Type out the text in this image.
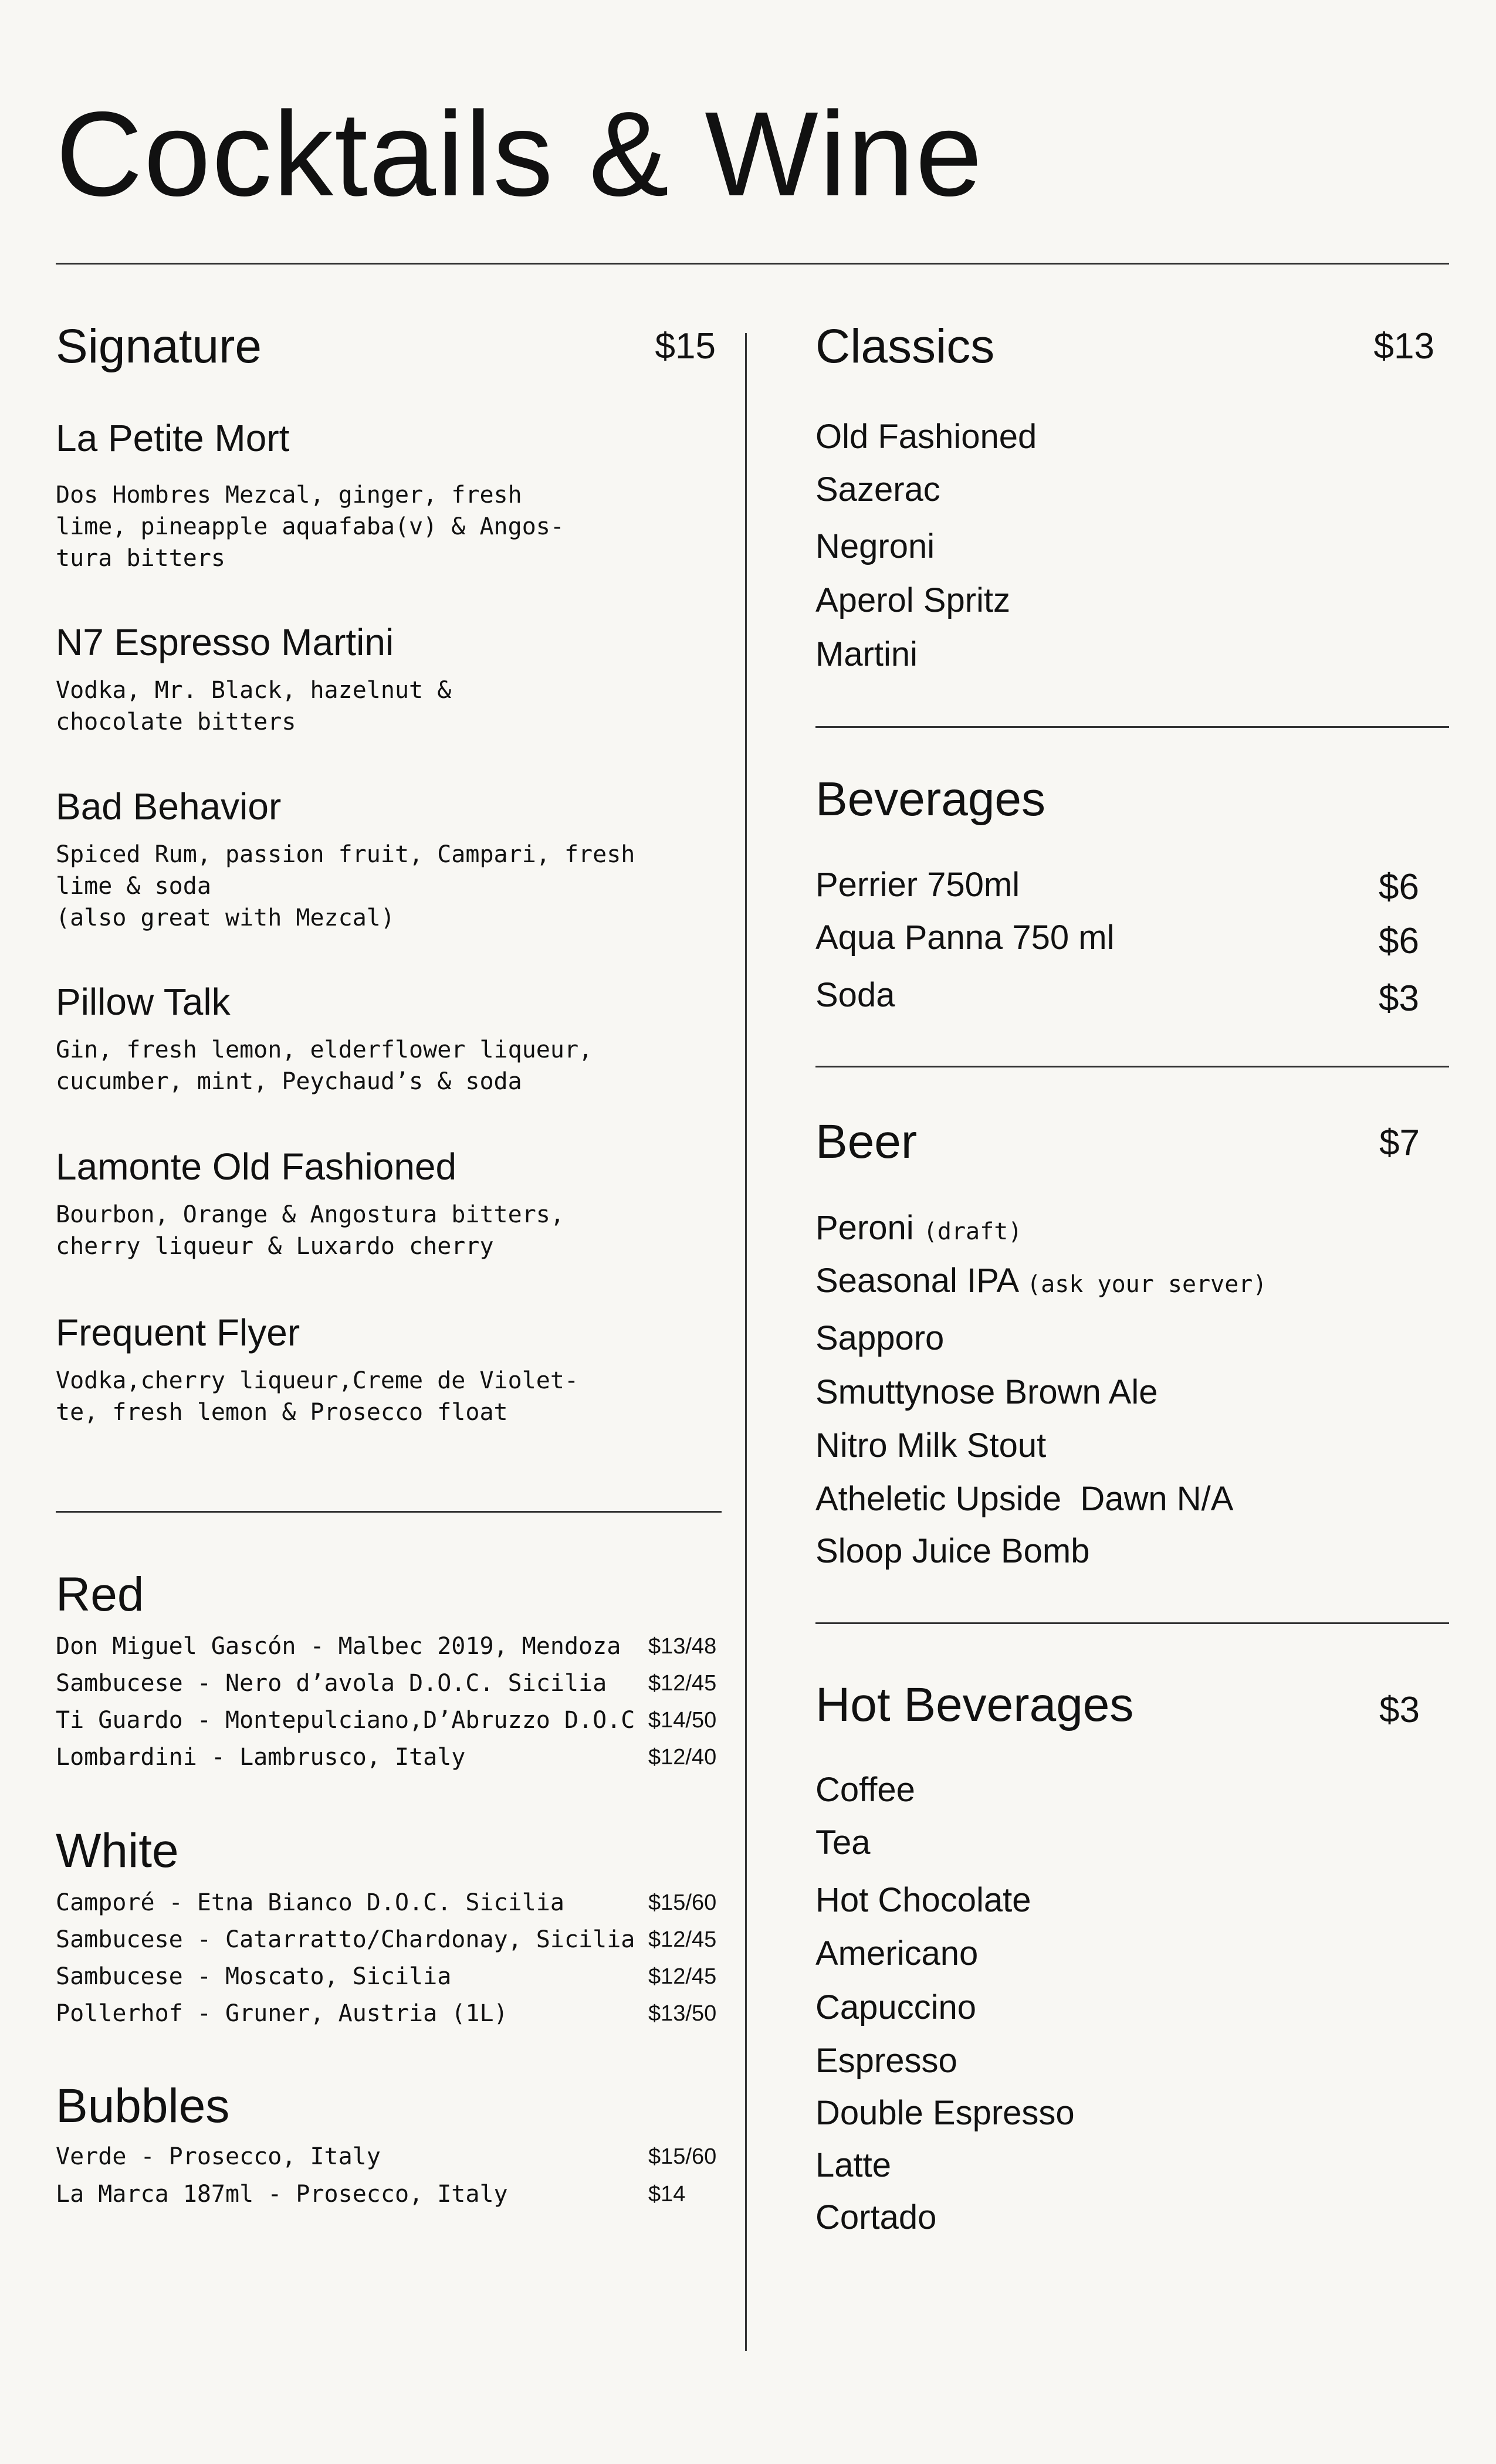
Cocktails & Wine
Signature	$15
La Petite Mort
Dos Hombres Mezcal, ginger, fresh
lime, pineapple aquafaba(v) & Angos-
tura bitters
N7 Espresso Martini
Vodka, Mr. Black, hazelnut &
chocolate bitters
Bad Behavior
Spiced Rum, passion fruit, Campari, fresh
lime & soda
(also great with Mezcal)
Pillow Talk
Gin, fresh lemon, elderflower liqueur,
cucumber, mint, Peychaud’s & soda
Lamonte Old Fashioned
Bourbon, Orange & Angostura bitters,
cherry liqueur & Luxardo cherry
Frequent Flyer
Vodka,cherry liqueur,Creme de Violet-
te, fresh lemon & Prosecco float
Red
Don Miguel Gascón - Malbec 2019, Mendoza $13/48
Sambucese - Nero d’avola D.O.C. Sicilia $12/45
Ti Guardo - Montepulciano,D’Abruzzo D.O.C $14/50
Lombardini - Lambrusco, Italy	$12/40
White
Camporé - Etna Bianco D.O.C. Sicilia	$15/60
Sambucese - Catarratto/Chardonay, Sicilia $12/45
Sambucese - Moscato, Sicilia	$12/45
Pollerhof - Gruner, Austria (1L)	$13/50
Bubbles
Verde - Prosecco, Italy	$15/60
La Marca 187ml - Prosecco, Italy	$14
Classics	$13
Old Fashioned
Sazerac
Negroni
Aperol Spritz
Martini
Beverages
Perrier 750ml	$6
Aqua Panna 750 ml	$6
Soda	$3
Beer	$7
Peroni (draft)
Seasonal IPA (ask your server)
Sapporo
Smuttynose Brown Ale
Nitro Milk Stout
Atheletic Upside  Dawn N/A
Sloop Juice Bomb
Hot Beverages	$3
Coffee
Tea
Hot Chocolate
Americano
Capuccino
Espresso
Double Espresso
Latte
Cortado
